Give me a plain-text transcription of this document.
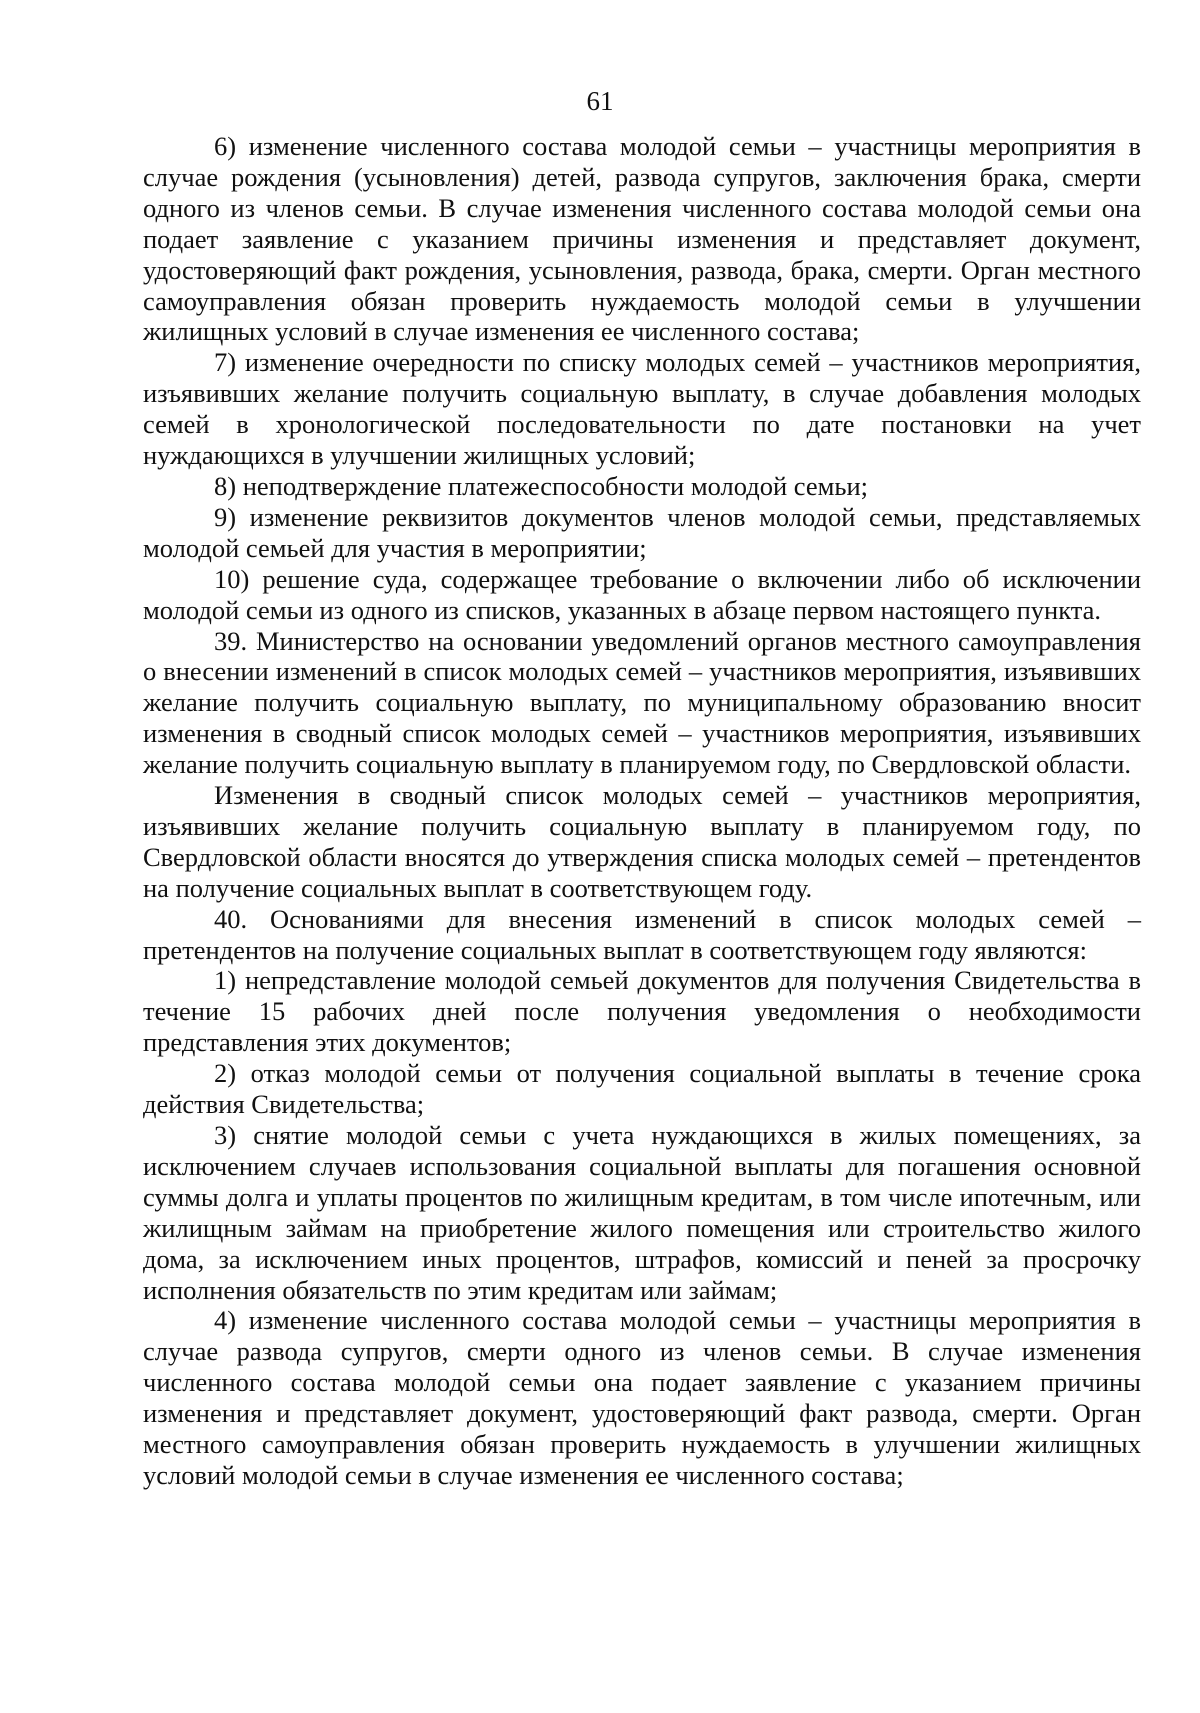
61

6) изменение численного состава молодой семьи – участницы мероприятия в случае рождения (усыновления) детей, развода супругов, заключения брака, смерти одного из членов семьи. В случае изменения численного состава молодой семьи она подает заявление с указанием причины изменения и представляет документ, удостоверяющий факт рождения, усыновления, развода, брака, смерти. Орган местного самоуправления обязан проверить нуждаемость молодой семьи в улучшении жилищных условий в случае изменения ее численного состава;

7) изменение очередности по списку молодых семей – участников мероприятия, изъявивших желание получить социальную выплату, в случае добавления молодых семей в хронологической последовательности по дате постановки на учет нуждающихся в улучшении жилищных условий;

8) неподтверждение платежеспособности молодой семьи;

9) изменение реквизитов документов членов молодой семьи, представляемых молодой семьей для участия в мероприятии;

10) решение суда, содержащее требование о включении либо об исключении молодой семьи из одного из списков, указанных в абзаце первом настоящего пункта.

39. Министерство на основании уведомлений органов местного самоуправления о внесении изменений в список молодых семей – участников мероприятия, изъявивших желание получить социальную выплату, по муниципальному образованию вносит изменения в сводный список молодых семей – участников мероприятия, изъявивших желание получить социальную выплату в планируемом году, по Свердловской области.

Изменения в сводный список молодых семей – участников мероприятия, изъявивших желание получить социальную выплату в планируемом году, по Свердловской области вносятся до утверждения списка молодых семей – претендентов на получение социальных выплат в соответствующем году.

40. Основаниями для внесения изменений в список молодых семей – претендентов на получение социальных выплат в соответствующем году являются:

1) непредставление молодой семьей документов для получения Свидетельства в течение 15 рабочих дней после получения уведомления о необходимости представления этих документов;

2) отказ молодой семьи от получения социальной выплаты в течение срока действия Свидетельства;

3) снятие молодой семьи с учета нуждающихся в жилых помещениях, за исключением случаев использования социальной выплаты для погашения основной суммы долга и уплаты процентов по жилищным кредитам, в том числе ипотечным, или жилищным займам на приобретение жилого помещения или строительство жилого дома, за исключением иных процентов, штрафов, комиссий и пеней за просрочку исполнения обязательств по этим кредитам или займам;

4) изменение численного состава молодой семьи – участницы мероприятия в случае развода супругов, смерти одного из членов семьи. В случае изменения численного состава молодой семьи она подает заявление с указанием причины изменения и представляет документ, удостоверяющий факт развода, смерти. Орган местного самоуправления обязан проверить нуждаемость в улучшении жилищных условий молодой семьи в случае изменения ее численного состава;
